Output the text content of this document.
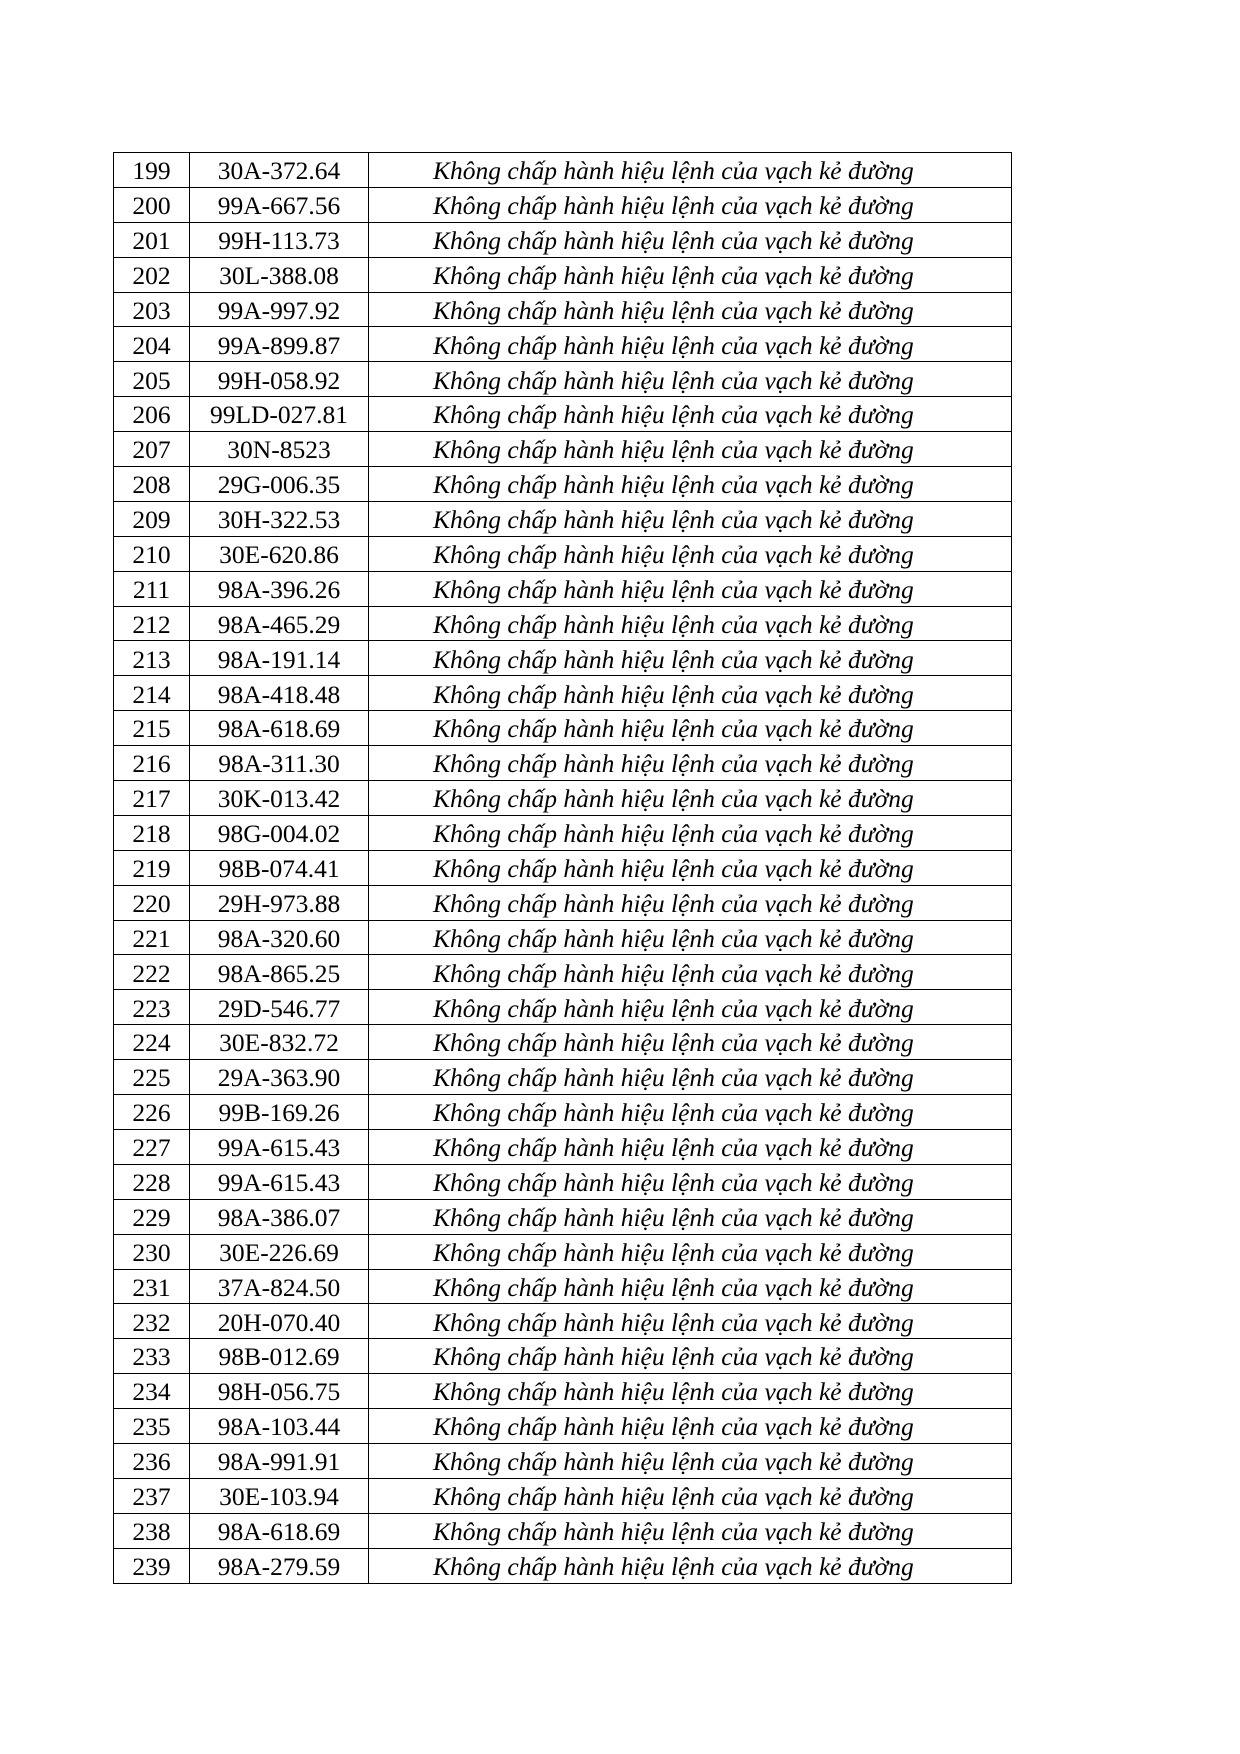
199	30A-372.64	Không chấp hành hiệu lệnh của vạch kẻ đường
200	99A-667.56	Không chấp hành hiệu lệnh của vạch kẻ đường
201	99H-113.73	Không chấp hành hiệu lệnh của vạch kẻ đường
202	30L-388.08	Không chấp hành hiệu lệnh của vạch kẻ đường
203	99A-997.92	Không chấp hành hiệu lệnh của vạch kẻ đường
204	99A-899.87	Không chấp hành hiệu lệnh của vạch kẻ đường
205	99H-058.92	Không chấp hành hiệu lệnh của vạch kẻ đường
206	99LD-027.81	Không chấp hành hiệu lệnh của vạch kẻ đường
207	30N-8523	Không chấp hành hiệu lệnh của vạch kẻ đường
208	29G-006.35	Không chấp hành hiệu lệnh của vạch kẻ đường
209	30H-322.53	Không chấp hành hiệu lệnh của vạch kẻ đường
210	30E-620.86	Không chấp hành hiệu lệnh của vạch kẻ đường
211	98A-396.26	Không chấp hành hiệu lệnh của vạch kẻ đường
212	98A-465.29	Không chấp hành hiệu lệnh của vạch kẻ đường
213	98A-191.14	Không chấp hành hiệu lệnh của vạch kẻ đường
214	98A-418.48	Không chấp hành hiệu lệnh của vạch kẻ đường
215	98A-618.69	Không chấp hành hiệu lệnh của vạch kẻ đường
216	98A-311.30	Không chấp hành hiệu lệnh của vạch kẻ đường
217	30K-013.42	Không chấp hành hiệu lệnh của vạch kẻ đường
218	98G-004.02	Không chấp hành hiệu lệnh của vạch kẻ đường
219	98B-074.41	Không chấp hành hiệu lệnh của vạch kẻ đường
220	29H-973.88	Không chấp hành hiệu lệnh của vạch kẻ đường
221	98A-320.60	Không chấp hành hiệu lệnh của vạch kẻ đường
222	98A-865.25	Không chấp hành hiệu lệnh của vạch kẻ đường
223	29D-546.77	Không chấp hành hiệu lệnh của vạch kẻ đường
224	30E-832.72	Không chấp hành hiệu lệnh của vạch kẻ đường
225	29A-363.90	Không chấp hành hiệu lệnh của vạch kẻ đường
226	99B-169.26	Không chấp hành hiệu lệnh của vạch kẻ đường
227	99A-615.43	Không chấp hành hiệu lệnh của vạch kẻ đường
228	99A-615.43	Không chấp hành hiệu lệnh của vạch kẻ đường
229	98A-386.07	Không chấp hành hiệu lệnh của vạch kẻ đường
230	30E-226.69	Không chấp hành hiệu lệnh của vạch kẻ đường
231	37A-824.50	Không chấp hành hiệu lệnh của vạch kẻ đường
232	20H-070.40	Không chấp hành hiệu lệnh của vạch kẻ đường
233	98B-012.69	Không chấp hành hiệu lệnh của vạch kẻ đường
234	98H-056.75	Không chấp hành hiệu lệnh của vạch kẻ đường
235	98A-103.44	Không chấp hành hiệu lệnh của vạch kẻ đường
236	98A-991.91	Không chấp hành hiệu lệnh của vạch kẻ đường
237	30E-103.94	Không chấp hành hiệu lệnh của vạch kẻ đường
238	98A-618.69	Không chấp hành hiệu lệnh của vạch kẻ đường
239	98A-279.59	Không chấp hành hiệu lệnh của vạch kẻ đường
